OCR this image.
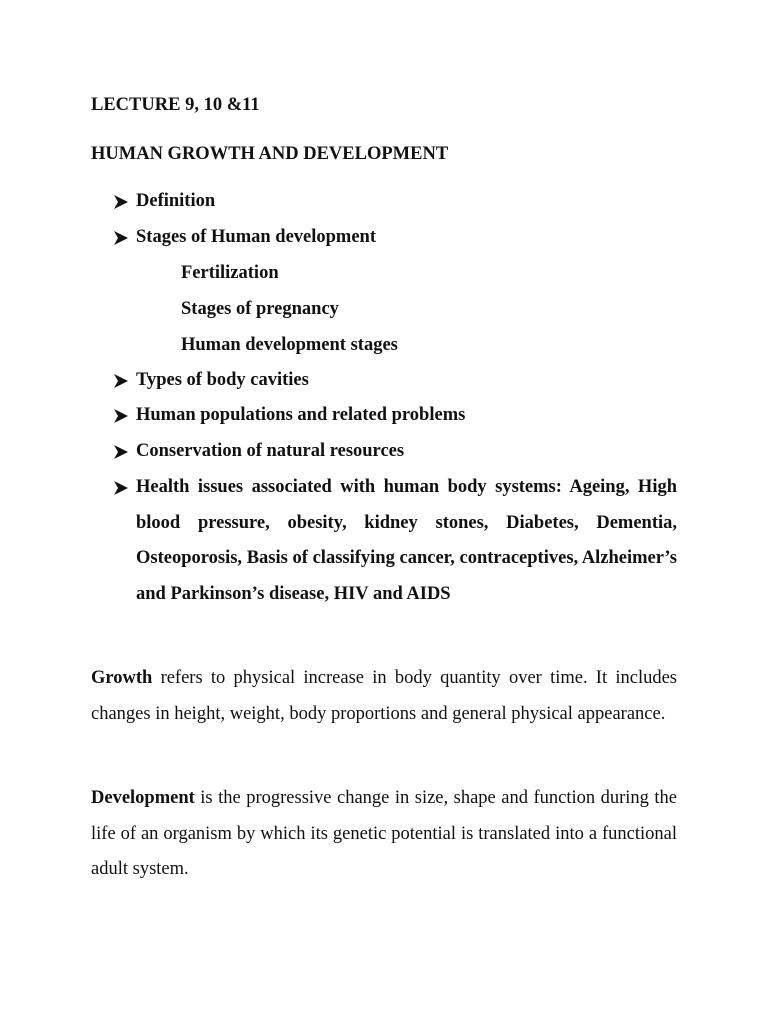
LECTURE 9, 10 &11
HUMAN GROWTH AND DEVELOPMENT
Definition
Stages of Human development
Fertilization
Stages of pregnancy
Human development stages
Types of body cavities
Human populations and related problems
Conservation of natural resources
Health issues associated with human body systems: Ageing, High blood pressure, obesity, kidney stones, Diabetes, Dementia, Osteoporosis, Basis of classifying cancer, contraceptives, Alzheimer’s and Parkinson’s disease, HIV and AIDS

Growth refers to physical increase in body quantity over time. It includes changes in height, weight, body proportions and general physical appearance.

Development is the progressive change in size, shape and function during the life of an organism by which its genetic potential is translated into a functional adult system.
